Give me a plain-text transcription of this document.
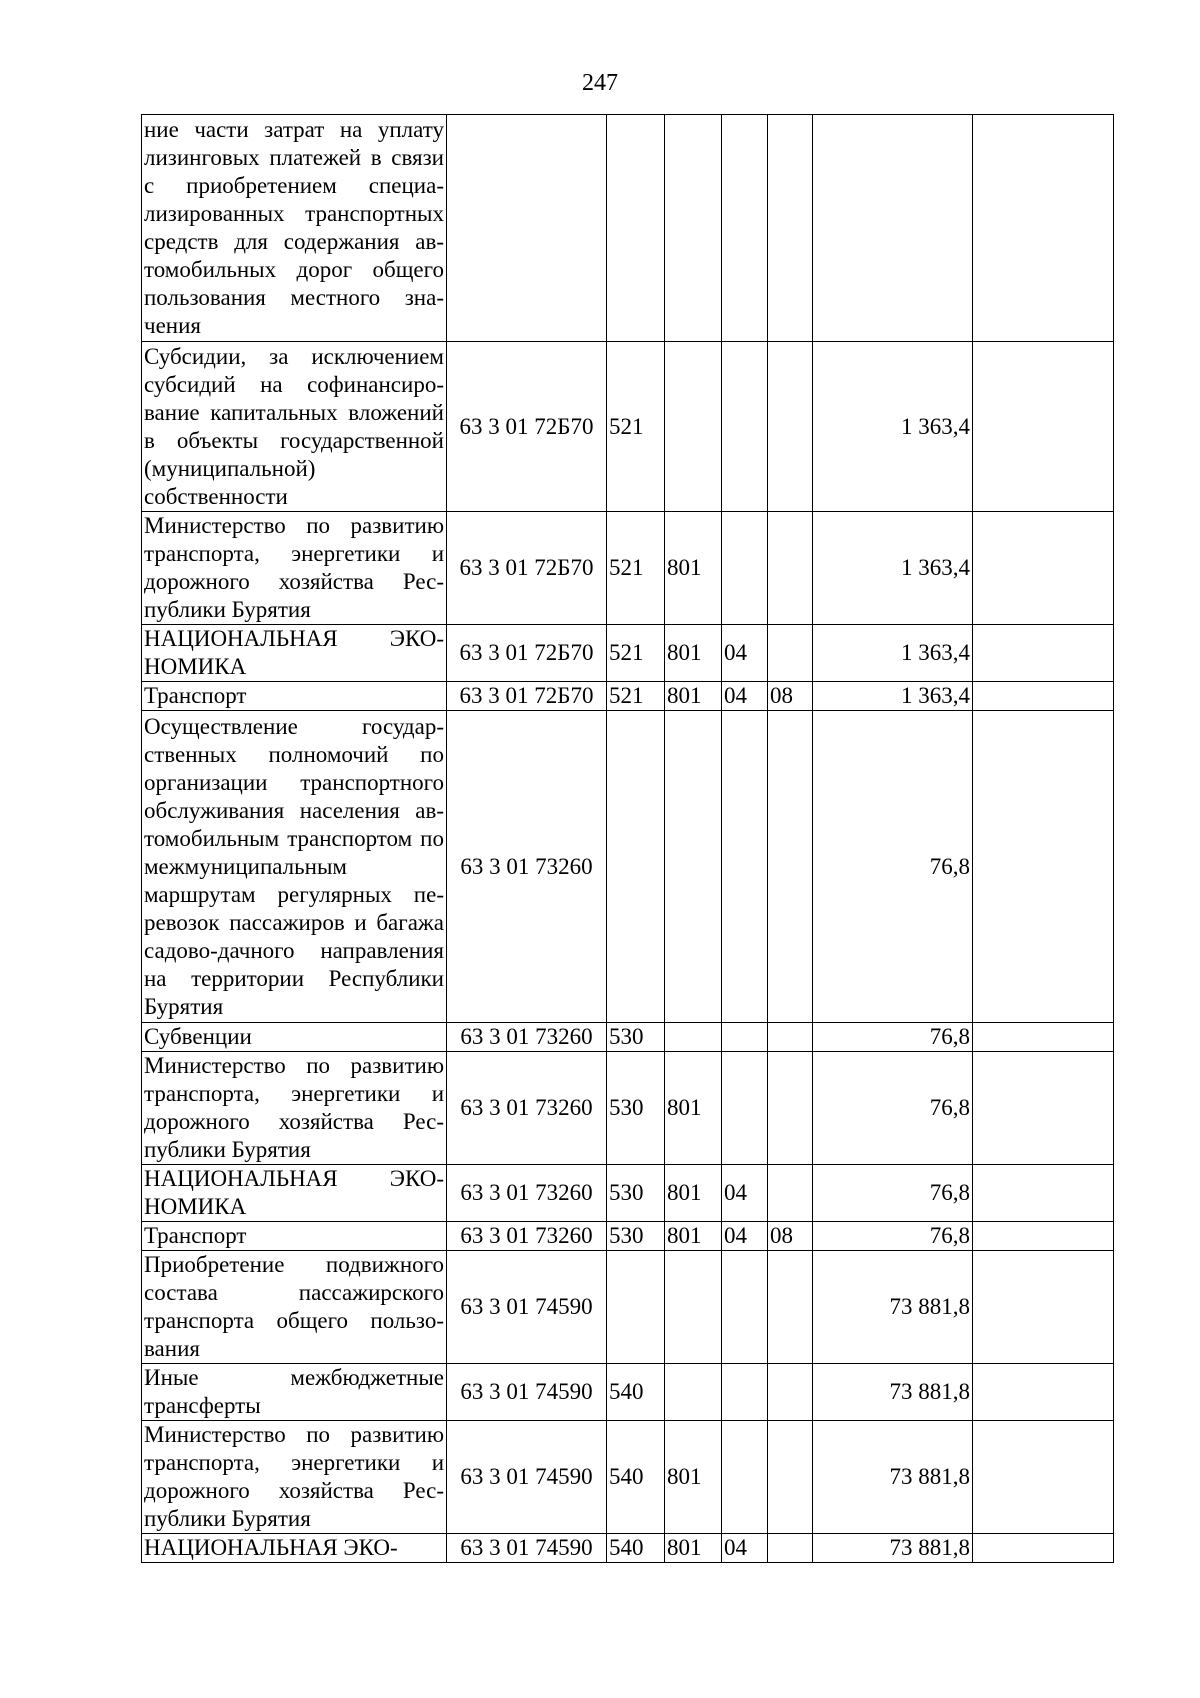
247
ние части затрат на уплату лизинговых платежей в связи с приобретением специализированных транспортных средств для содержания автомобильных дорог общего пользования местного значения							
Субсидии, за исключением субсидий на софинансирование капитальных вложений в объекты государственной (муниципальной) собственности	63 3 01 72Б70	521				1 363,4	
Министерство по развитию транспорта, энергетики и дорожного хозяйства Республики Бурятия	63 3 01 72Б70	521	801			1 363,4	
НАЦИОНАЛЬНАЯ ЭКОНОМИКА	63 3 01 72Б70	521	801	04		1 363,4	
Транспорт	63 3 01 72Б70	521	801	04	08	1 363,4	
Осуществление государственных полномочий по организации транспортного обслуживания населения автомобильным транспортом по межмуниципальным маршрутам регулярных перевозок пассажиров и багажа садово-дачного направления на территории Республики Бурятия	63 3 01 73260					76,8	
Субвенции	63 3 01 73260	530				76,8	
Министерство по развитию транспорта, энергетики и дорожного хозяйства Республики Бурятия	63 3 01 73260	530	801			76,8	
НАЦИОНАЛЬНАЯ ЭКОНОМИКА	63 3 01 73260	530	801	04		76,8	
Транспорт	63 3 01 73260	530	801	04	08	76,8	
Приобретение подвижного состава пассажирского транспорта общего пользования	63 3 01 74590					73 881,8	
Иные межбюджетные трансферты	63 3 01 74590	540				73 881,8	
Министерство по развитию транспорта, энергетики и дорожного хозяйства Республики Бурятия	63 3 01 74590	540	801			73 881,8	
НАЦИОНАЛЬНАЯ ЭКО-	63 3 01 74590	540	801	04		73 881,8	
